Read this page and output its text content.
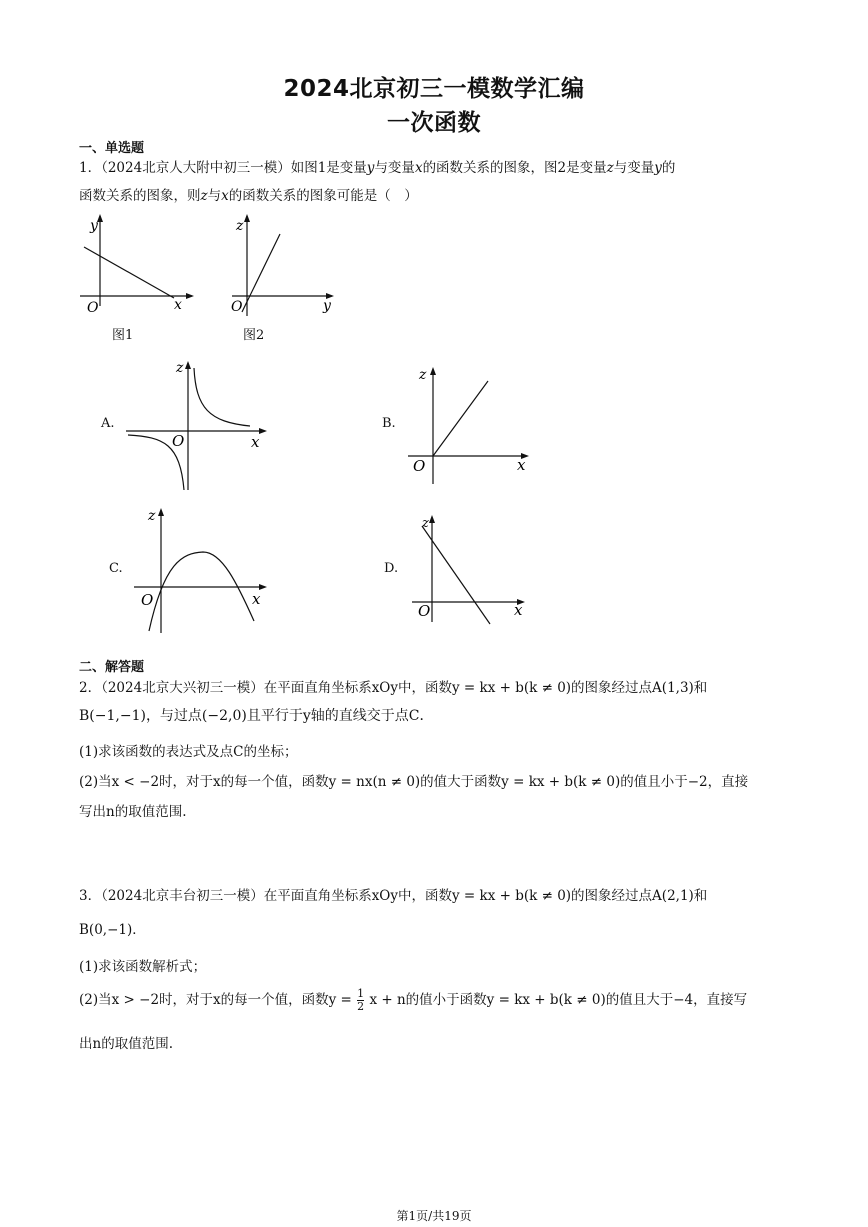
2024北京初三一模数学汇编
一次函数
一、单选题
1．（2024北京人大附中初三一模）如图1是变量y与变量x的函数关系的图象，图2是变量z与变量y的
函数关系的图象，则z与x的函数关系的图象可能是（　）
y
x
O
图1
z
y
O
图2
A.
z
x
O
B.
z
x
O
C.
z
x
O
D.
z
x
O
二、解答题
2．（2024北京大兴初三一模）在平面直角坐标系xOy中，函数y = kx + b(k ≠ 0)的图象经过点A(1,3)和
B(−1,−1)，与过点(−2,0)且平行于y轴的直线交于点C．
(1)求该函数的表达式及点C的坐标；
(2)当x < −2时，对于x的每一个值，函数y = nx(n ≠ 0)的值大于函数y = kx + b(k ≠ 0)的值且小于−2，直接
写出n的取值范围.
3．（2024北京丰台初三一模）在平面直角坐标系xOy中，函数y = kx + b(k ≠ 0)的图象经过点A(2,1)和
B(0,−1)．
(1)求该函数解析式；
(2)当x > −2时，对于x的每一个值，函数$y = \frac{1}{2}$ x + n的值小于函数y = kx + b(k ≠ 0)的值且大于−4，直接写
出n的取值范围.
第1页/共19页
